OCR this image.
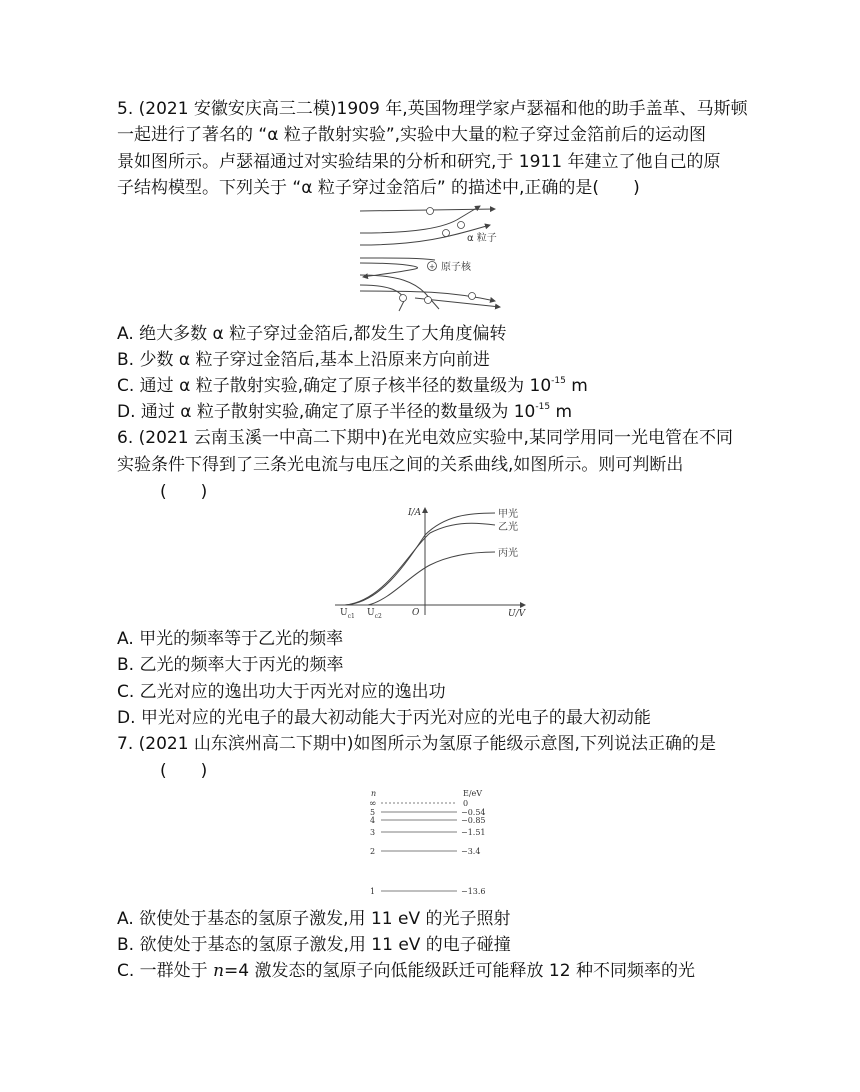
5. (2021 安徽安庆高三二模)1909 年,英国物理学家卢瑟福和他的助手盖革、马斯顿
一起进行了著名的 “α 粒子散射实验”,实验中大量的粒子穿过金箔前后的运动图
景如图所示。卢瑟福通过对实验结果的分析和研究,于 1911 年建立了他自己的原
子结构模型。下列关于 “α 粒子穿过金箔后” 的描述中,正确的是(　　)
+
α 粒子
原子核
A. 绝大多数 α 粒子穿过金箔后,都发生了大角度偏转
B. 少数 α 粒子穿过金箔后,基本上沿原来方向前进
C. 通过 α 粒子散射实验,确定了原子核半径的数量级为 $10^{-15}$ m
D. 通过 α 粒子散射实验,确定了原子半径的数量级为 $10^{-15}$ m
6. (2021 云南玉溪一中高二下期中)在光电效应实验中,某同学用同一光电管在不同
实验条件下得到了三条光电流与电压之间的关系曲线,如图所示。则可判断出
(　　)
I/A
U/V
O
$U_{c1}$ $U_{c2}$
甲光
乙光
丙光
A. 甲光的频率等于乙光的频率
B. 乙光的频率大于丙光的频率
C. 乙光对应的逸出功大于丙光对应的逸出功
D. 甲光对应的光电子的最大初动能大于丙光对应的光电子的最大初动能
7. (2021 山东滨州高二下期中)如图所示为氢原子能级示意图,下列说法正确的是
(　　)
n	E/eV
∞	0
5	−0.54
4	−0.85
3	−1.51
2	−3.4
1	−13.6
A. 欲使处于基态的氢原子激发,用 11 eV 的光子照射
B. 欲使处于基态的氢原子激发,用 11 eV 的电子碰撞
C. 一群处于 n=4 激发态的氢原子向低能级跃迁可能释放 12 种不同频率的光
